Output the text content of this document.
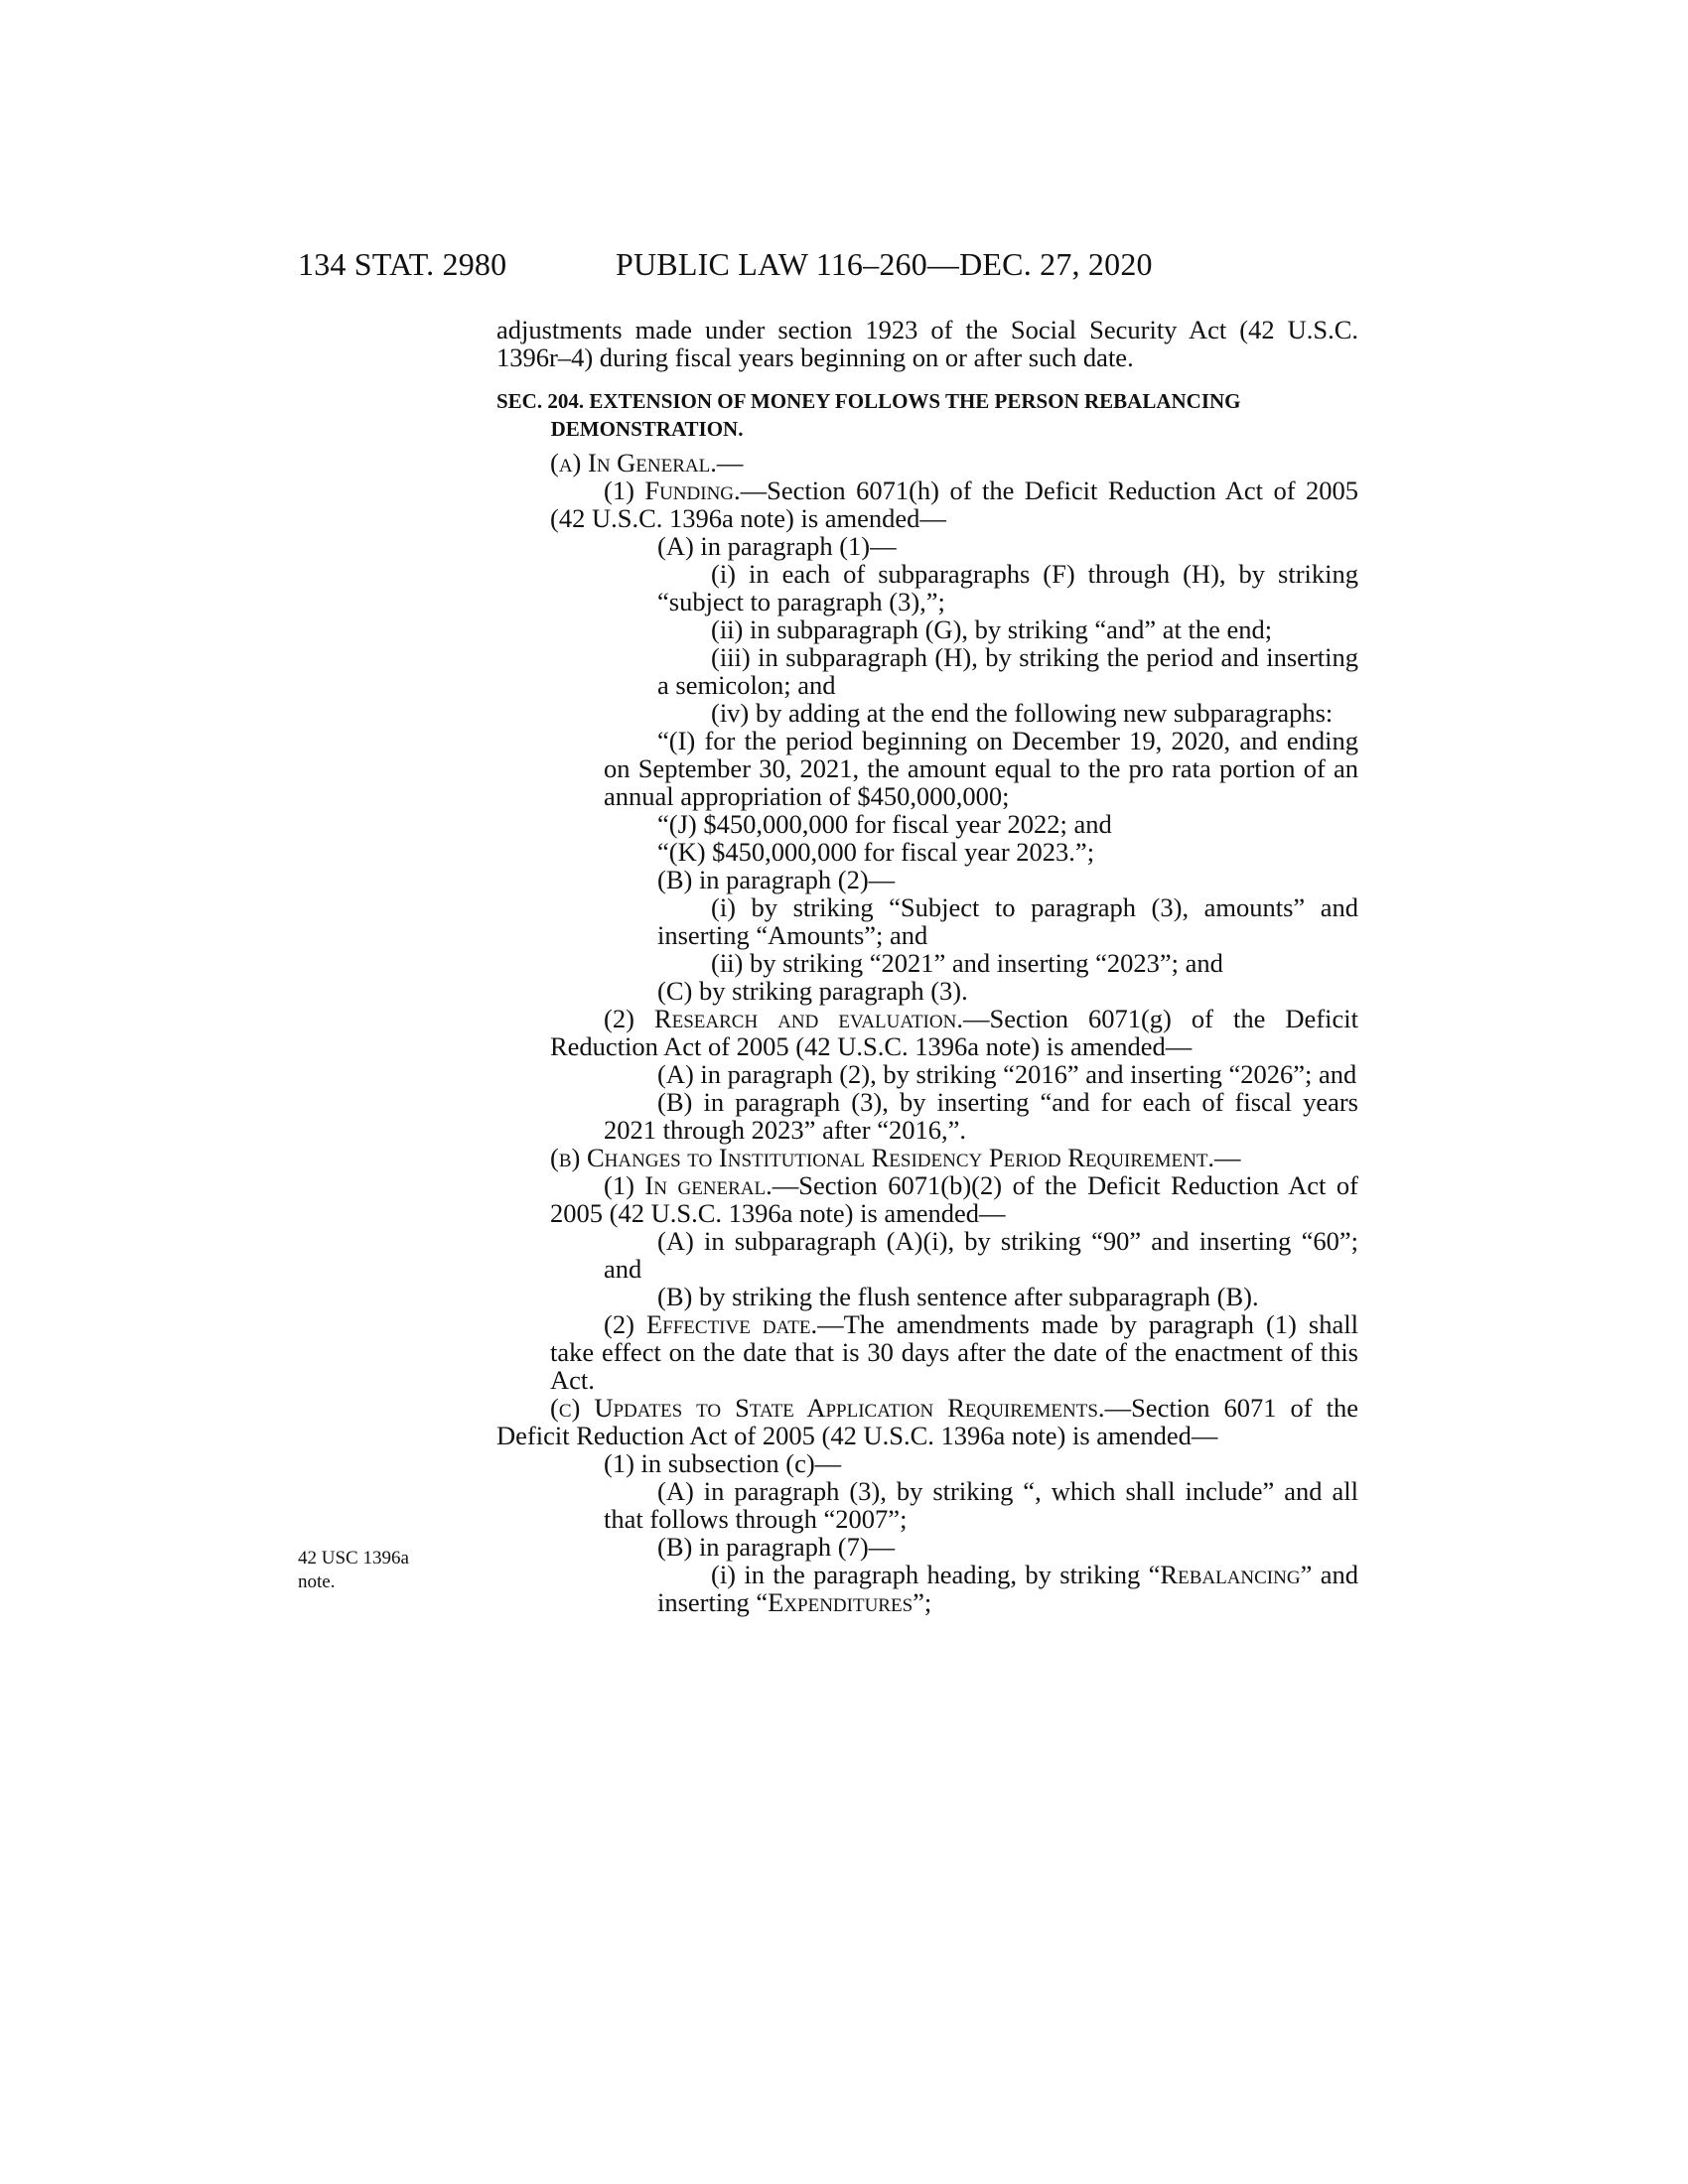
134 STAT. 2980	PUBLIC LAW 116–260—DEC. 27, 2020
42 USC 1396a note.

adjustments made under section 1923 of the Social Security Act (42 U.S.C. 1396r–4) during fiscal years beginning on or after such date.

SEC. 204. EXTENSION OF MONEY FOLLOWS THE PERSON REBALANCING DEMONSTRATION.

(a) In General.—

(1) Funding.—Section 6071(h) of the Deficit Reduction Act of 2005 (42 U.S.C. 1396a note) is amended—

(A) in paragraph (1)—

(i) in each of subparagraphs (F) through (H), by striking “subject to paragraph (3),”;

(ii) in subparagraph (G), by striking “and” at the end;

(iii) in subparagraph (H), by striking the period and inserting a semicolon; and

(iv) by adding at the end the following new subparagraphs:

“(I) for the period beginning on December 19, 2020, and ending on September 30, 2021, the amount equal to the pro rata portion of an annual appropriation of $450,000,000;

“(J) $450,000,000 for fiscal year 2022; and

“(K) $450,000,000 for fiscal year 2023.”;

(B) in paragraph (2)—

(i) by striking “Subject to paragraph (3), amounts” and inserting “Amounts”; and

(ii) by striking “2021” and inserting “2023”; and

(C) by striking paragraph (3).

(2) Research and evaluation.—Section 6071(g) of the Deficit Reduction Act of 2005 (42 U.S.C. 1396a note) is amended—

(A) in paragraph (2), by striking “2016” and inserting “2026”; and

(B) in paragraph (3), by inserting “and for each of fiscal years 2021 through 2023” after “2016,”.

(b) Changes to Institutional Residency Period Requirement.—

(1) In general.—Section 6071(b)(2) of the Deficit Reduction Act of 2005 (42 U.S.C. 1396a note) is amended—

(A) in subparagraph (A)(i), by striking “90” and inserting “60”; and

(B) by striking the flush sentence after subparagraph (B).

(2) Effective date.—The amendments made by paragraph (1) shall take effect on the date that is 30 days after the date of the enactment of this Act.

(c) Updates to State Application Requirements.—Section 6071 of the Deficit Reduction Act of 2005 (42 U.S.C. 1396a note) is amended—

(1) in subsection (c)—

(A) in paragraph (3), by striking “, which shall include” and all that follows through “2007”;

(B) in paragraph (7)—

(i) in the paragraph heading, by striking “Rebalancing” and inserting “Expenditures”;
